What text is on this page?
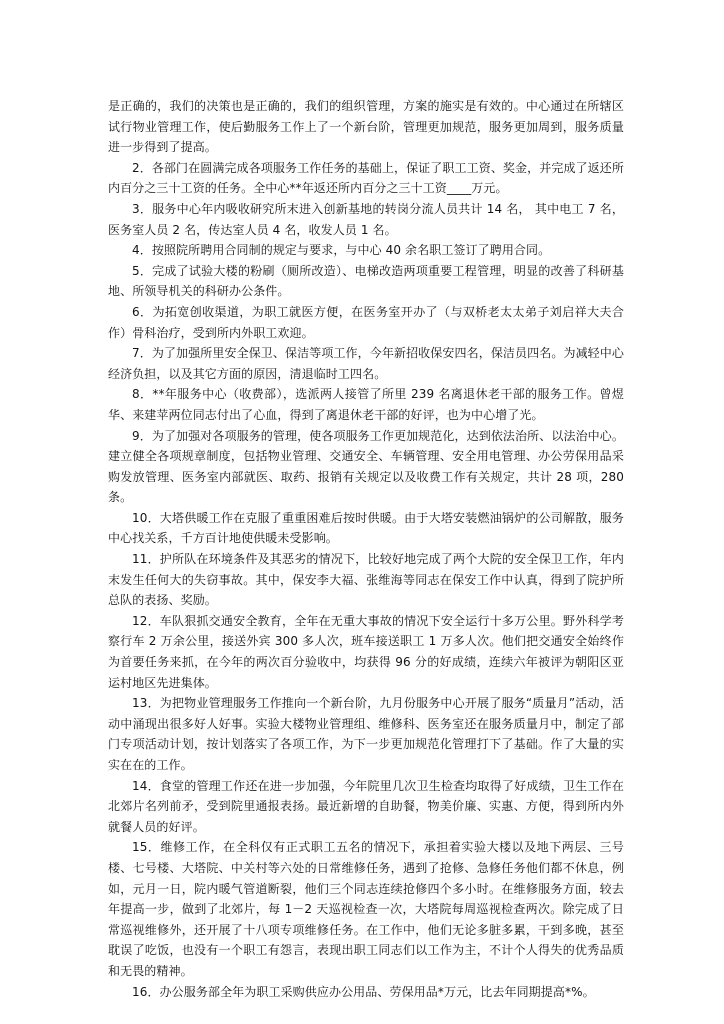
是正确的，我们的决策也是正确的，我们的组织管理，方案的施实是有效的。中心通过在所辖区试行物业管理工作，使后勤服务工作上了一个新台阶，管理更加规范，服务更加周到，服务质量进一步得到了提高。

2．各部门在圆满完成各项服务工作任务的基础上，保证了职工工资、奖金，并完成了返还所内百分之三十工资的任务。全中心**年返还所内百分之三十工资____万元。

3．服务中心年内吸收研究所末进入创新基地的转岗分流人员共计 14 名， 其中电工 7 名，医务室人员 2 名，传达室人员 4 名，收发人员 1 名。

4．按照院所聘用合同制的规定与要求，与中心 40 余名职工签订了聘用合同。

5．完成了试验大楼的粉刷（厕所改造）、电梯改造两项重要工程管理，明显的改善了科研基地、所领导机关的科研办公条件。

6．为拓宽创收渠道，为职工就医方便，在医务室开办了（与双桥老太太弟子刘启祥大夫合作）骨科治疗，受到所内外职工欢迎。

7．为了加强所里安全保卫、保洁等项工作，今年新招收保安四名，保洁员四名。为减轻中心经济负担，以及其它方面的原因，清退临时工四名。

8．**年服务中心（收费部），选派两人接管了所里 239 名离退休老干部的服务工作。曾煜华、来建苹两位同志付出了心血，得到了离退休老干部的好评，也为中心增了光。

9．为了加强对各项服务的管理，使各项服务工作更加规范化，达到依法治所、以法治中心。建立健全各项规章制度，包括物业管理、交通安全、车辆管理、安全用电管理、办公劳保用品采购发放管理、医务室内部就医、取药、报销有关规定以及收费工作有关规定，共计 28 项，280 条。

10．大塔供暖工作在克服了重重困难后按时供暖。由于大塔安装燃油锅炉的公司解散，服务中心找关系，千方百计地使供暖未受影响。

11．护所队在环境条件及其恶劣的情况下，比较好地完成了两个大院的安全保卫工作，年内末发生任何大的失窃事故。其中，保安李大福、张维海等同志在保安工作中认真，得到了院护所总队的表扬、奖励。

12．车队狠抓交通安全教育，全年在无重大事故的情况下安全运行十多万公里。野外科学考察行车 2 万余公里，接送外宾 300 多人次，班车接送职工 1 万多人次。他们把交通安全始终作为首要任务来抓，在今年的两次百分验收中，均获得 96 分的好成绩，连续六年被评为朝阳区亚运村地区先进集体。

13．为把物业管理服务工作推向一个新台阶，九月份服务中心开展了服务“质量月”活动，活动中涌现出很多好人好事。实验大楼物业管理组、维修科、医务室还在服务质量月中，制定了部门专项活动计划，按计划落实了各项工作，为下一步更加规范化管理打下了基础。作了大量的实实在在的工作。

14．食堂的管理工作还在进一步加强，今年院里几次卫生检查均取得了好成绩，卫生工作在北郊片名列前矛，受到院里通报表扬。最近新增的自助餐，物美价廉、实惠、方便，得到所内外就餐人员的好评。

15．维修工作，在全科仅有正式职工五名的情况下，承担着实验大楼以及地下两层、三号楼、七号楼、大塔院、中关村等六处的日常维修任务，遇到了抢修、急修任务他们都不休息，例如，元月一日，院内暖气管道断裂，他们三个同志连续抢修四个多小时。在维修服务方面，较去年提高一步，做到了北郊片，每 1－2 天巡视检查一次，大塔院每周巡视检查两次。除完成了日常巡视维修外，还开展了十八项专项维修任务。在工作中，他们无论多脏多累，干到多晚，甚至耽误了吃饭，也没有一个职工有怨言，表现出职工同志们以工作为主，不计个人得失的优秀品质和无畏的精神。

16．办公服务部全年为职工采购供应办公用品、劳保用品*万元，比去年同期提高*%。
